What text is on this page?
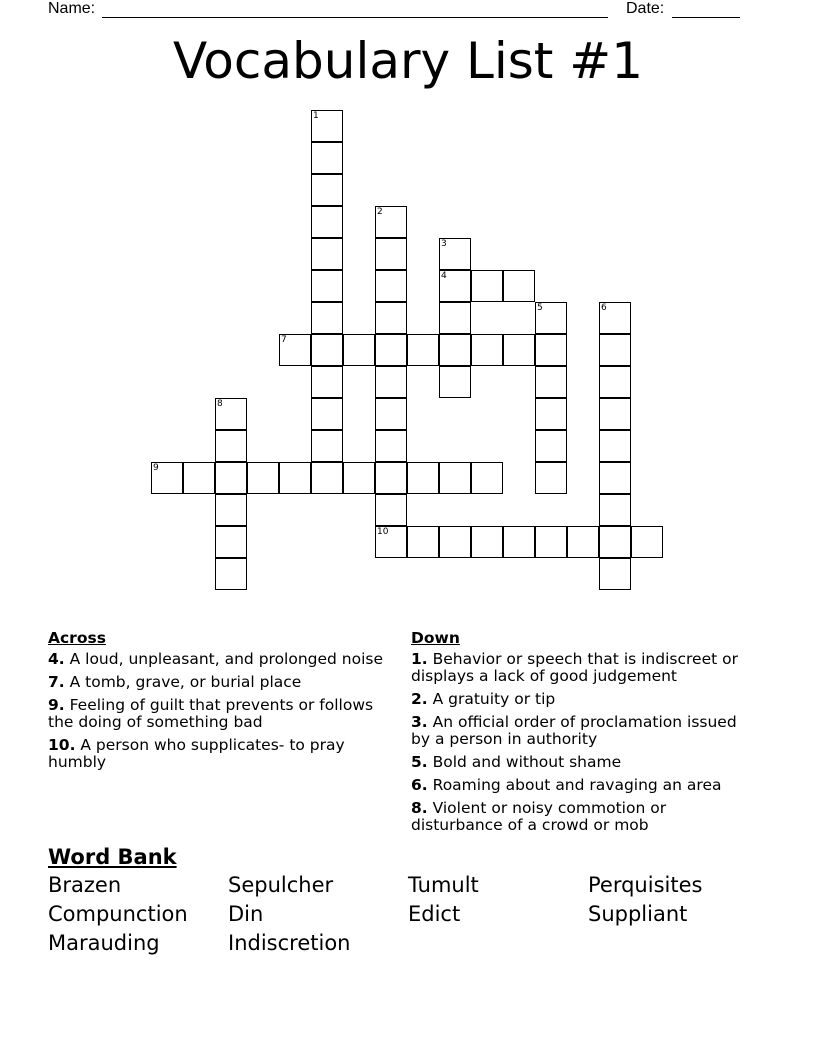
Name:	Date:
Vocabulary List #1
1
2
10
3
4
5	6
7
8
9
Across
4. A loud, unpleasant, and prolonged noise
7. A tomb, grave, or burial place
9. Feeling of guilt that prevents or follows the doing of something bad
10. A person who supplicates- to pray humbly
Down
1. Behavior or speech that is indiscreet or displays a lack of good judgement
2. A gratuity or tip
3. An official order of proclamation issued by a person in authority
5. Bold and without shame
6. Roaming about and ravaging an area
8. Violent or noisy commotion or disturbance of a crowd or mob
Word Bank
Brazen	Sepulcher	Tumult	Perquisites
Compunction	Din	Edict	Suppliant
Marauding	Indiscretion
